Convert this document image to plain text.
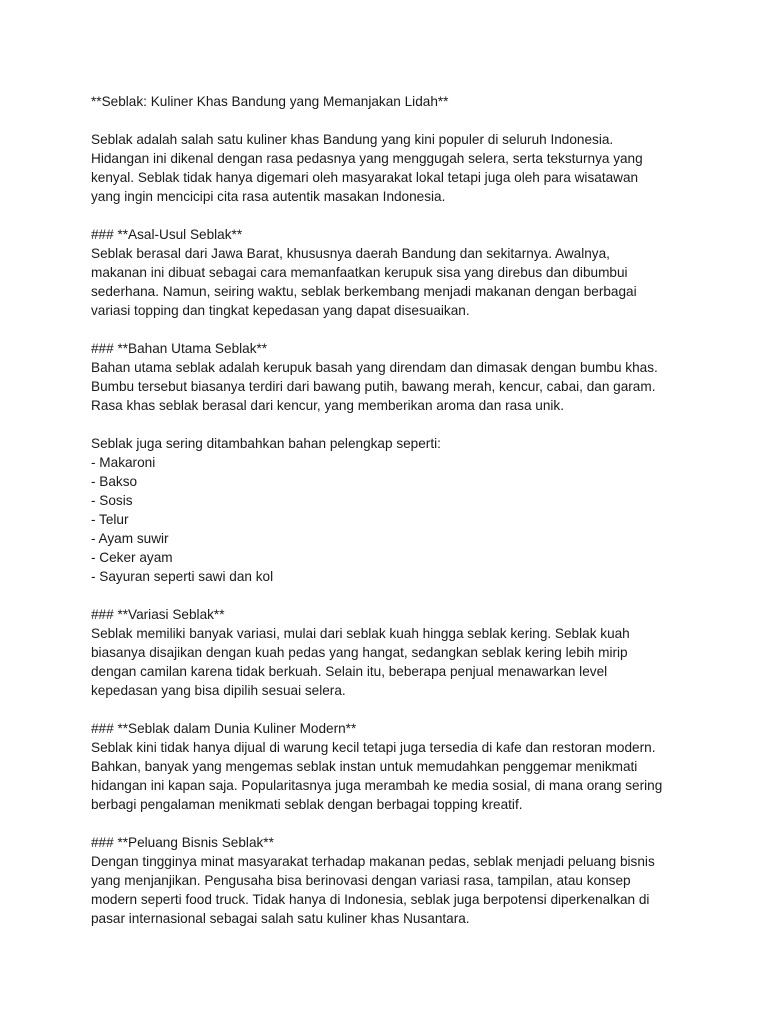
**Seblak: Kuliner Khas Bandung yang Memanjakan Lidah**
Seblak adalah salah satu kuliner khas Bandung yang kini populer di seluruh Indonesia.
Hidangan ini dikenal dengan rasa pedasnya yang menggugah selera, serta teksturnya yang
kenyal. Seblak tidak hanya digemari oleh masyarakat lokal tetapi juga oleh para wisatawan
yang ingin mencicipi cita rasa autentik masakan Indonesia.
### **Asal-Usul Seblak**
Seblak berasal dari Jawa Barat, khususnya daerah Bandung dan sekitarnya. Awalnya,
makanan ini dibuat sebagai cara memanfaatkan kerupuk sisa yang direbus dan dibumbui
sederhana. Namun, seiring waktu, seblak berkembang menjadi makanan dengan berbagai
variasi topping dan tingkat kepedasan yang dapat disesuaikan.
### **Bahan Utama Seblak**
Bahan utama seblak adalah kerupuk basah yang direndam dan dimasak dengan bumbu khas.
Bumbu tersebut biasanya terdiri dari bawang putih, bawang merah, kencur, cabai, dan garam.
Rasa khas seblak berasal dari kencur, yang memberikan aroma dan rasa unik.
Seblak juga sering ditambahkan bahan pelengkap seperti:
- Makaroni
- Bakso
- Sosis
- Telur
- Ayam suwir
- Ceker ayam
- Sayuran seperti sawi dan kol
### **Variasi Seblak**
Seblak memiliki banyak variasi, mulai dari seblak kuah hingga seblak kering. Seblak kuah
biasanya disajikan dengan kuah pedas yang hangat, sedangkan seblak kering lebih mirip
dengan camilan karena tidak berkuah. Selain itu, beberapa penjual menawarkan level
kepedasan yang bisa dipilih sesuai selera.
### **Seblak dalam Dunia Kuliner Modern**
Seblak kini tidak hanya dijual di warung kecil tetapi juga tersedia di kafe dan restoran modern.
Bahkan, banyak yang mengemas seblak instan untuk memudahkan penggemar menikmati
hidangan ini kapan saja. Popularitasnya juga merambah ke media sosial, di mana orang sering
berbagi pengalaman menikmati seblak dengan berbagai topping kreatif.
### **Peluang Bisnis Seblak**
Dengan tingginya minat masyarakat terhadap makanan pedas, seblak menjadi peluang bisnis
yang menjanjikan. Pengusaha bisa berinovasi dengan variasi rasa, tampilan, atau konsep
modern seperti food truck. Tidak hanya di Indonesia, seblak juga berpotensi diperkenalkan di
pasar internasional sebagai salah satu kuliner khas Nusantara.
